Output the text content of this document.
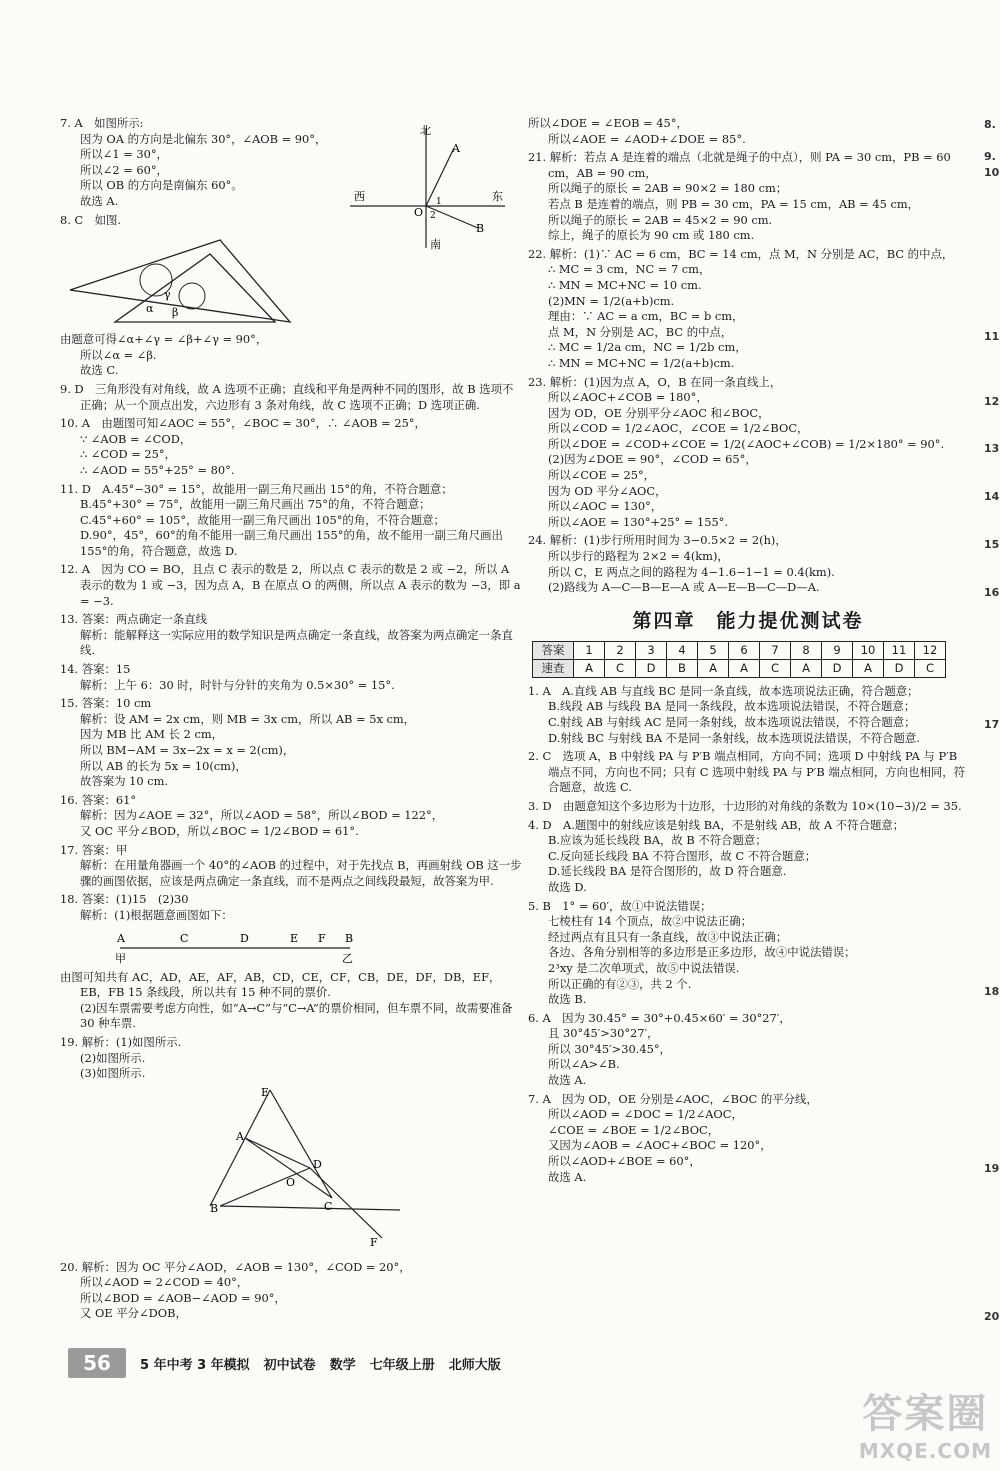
7. A　如图所示:
因为 OA 的方向是北偏东 30°，∠AOB = 90°，
所以∠1 = 30°，
所以∠2 = 60°，
所以 OB 的方向是南偏东 60°。
故选 A.
8. C　如图.
α β
γ
由题意可得∠α+∠γ = ∠β+∠γ = 90°，
所以∠α = ∠β.
故选 C.
9. D　三角形没有对角线，故 A 选项不正确；直线和平角是两种不同的图形，故 B 选项不正确；从一个顶点出发，六边形有 3 条对角线，故 C 选项不正确；D 选项正确.
10. A　由题图可知∠AOC = 55°，∠BOC = 30°，∴ ∠AOB = 25°，
∵ ∠AOB = ∠COD，
∴ ∠COD = 25°，
∴ ∠AOD = 55°+25° = 80°.
11. D　A.45°−30° = 15°，故能用一副三角尺画出 15°的角，不符合题意；
B.45°+30° = 75°，故能用一副三角尺画出 75°的角，不符合题意；
C.45°+60° = 105°，故能用一副三角尺画出 105°的角，不符合题意；
D.90°，45°，60°的角不能用一副三角尺画出 155°的角，故不能用一副三角尺画出 155°的角，符合题意，故选 D.
12. A　因为 CO = BO，且点 C 表示的数是 2，所以点 C 表示的数是 2 或 −2，所以 A 表示的数为 1 或 −3，因为点 A，B 在原点 O 的两侧，所以点 A 表示的数为 −3，即 a = −3.
13. 答案：两点确定一条直线
解析：能解释这一实际应用的数学知识是两点确定一条直线，故答案为两点确定一条直线.
14. 答案：15
解析：上午 6：30 时，时针与分针的夹角为 0.5×30° = 15°.
15. 答案：10 cm
解析：设 AM = 2x cm，则 MB = 3x cm，所以 AB = 5x cm，
因为 MB 比 AM 长 2 cm，
所以 BM−AM = 3x−2x = x = 2(cm)，
所以 AB 的长为 5x = 10(cm)，
故答案为 10 cm.
16. 答案：61°
解析：因为∠AOE = 32°，所以∠AOD = 58°，所以∠BOD = 122°，
又 OC 平分∠BOD，所以∠BOC = 1/2∠BOD = 61°.
17. 答案：甲
解析：在用量角器画一个 40°的∠AOB 的过程中，对于先找点 B，再画射线 OB 这一步骤的画图依据，应该是两点确定一条直线，而不是两点之间线段最短，故答案为甲.
18. 答案：(1)15　(2)30
解析：(1)根据题意画图如下：
A	C	D	E F B
甲	乙
由图可知共有 AC，AD，AE，AF，AB，CD，CE，CF，CB，DE，DF，DB，EF，EB，FB 15 条线段，所以共有 15 种不同的票价.
(2)因车票需要考虑方向性，如“A→C”与“C→A”的票价相同，但车票不同，故需要准备 30 种车票.
19. 解析：(1)如图所示.
(2)如图所示.
(3)如图所示.
E
A
D
O
B	C
F
20. 解析：因为 OC 平分∠AOD，∠AOB = 130°，∠COD = 20°，
所以∠AOD = 2∠COD = 40°，
所以∠BOD = ∠AOB−∠AOD = 90°，
又 OE 平分∠DOB，
北
西	东
南
O
A
B
1
2
所以∠DOE = ∠EOB = 45°，
所以∠AOE = ∠AOD+∠DOE = 85°.
21. 解析：若点 A 是连着的端点（北就是绳子的中点），则 PA = 30 cm，PB = 60 cm，AB = 90 cm，
所以绳子的原长 = 2AB = 90×2 = 180 cm；
若点 B 是连着的端点，则 PB = 30 cm，PA = 15 cm，AB = 45 cm，
所以绳子的原长 = 2AB = 45×2 = 90 cm.
综上，绳子的原长为 90 cm 或 180 cm.
22. 解析：(1)∵ AC = 6 cm，BC = 14 cm，点 M，N 分别是 AC，BC 的中点，
∴ MC = 3 cm，NC = 7 cm，
∴ MN = MC+NC = 10 cm.
(2)MN = 1/2(a+b)cm.
理由：∵ AC = a cm，BC = b cm，
点 M，N 分别是 AC，BC 的中点，
∴ MC = 1/2a cm，NC = 1/2b cm，
∴ MN = MC+NC = 1/2(a+b)cm.
23. 解析：(1)因为点 A，O，B 在同一条直线上，
所以∠AOC+∠COB = 180°，
因为 OD，OE 分别平分∠AOC 和∠BOC，
所以∠COD = 1/2∠AOC，∠COE = 1/2∠BOC，
所以∠DOE = ∠COD+∠COE = 1/2(∠AOC+∠COB) = 1/2×180° = 90°.
(2)因为∠DOE = 90°，∠COD = 65°，
所以∠COE = 25°，
因为 OD 平分∠AOC，
所以∠AOC = 130°，
所以∠AOE = 130°+25° = 155°.
24. 解析：(1)步行所用时间为 3−0.5×2 = 2(h)，
所以步行的路程为 2×2 = 4(km)，
所以 C，E 两点之间的路程为 4−1.6−1−1 = 0.4(km).
(2)路线为 A—C—B—E—A 或 A—E—B—C—D—A.
第四章　能力提优测试卷
答案	1	2	3	4	5	6	7	8	9	10	11	12
速查	A	C	D	B	A	A	C	A	D	A	D	C
1. A　A.直线 AB 与直线 BC 是同一条直线，故本选项说法正确，符合题意；
B.线段 AB 与线段 BA 是同一条线段，故本选项说法错误，不符合题意；
C.射线 AB 与射线 AC 是同一条射线，故本选项说法错误，不符合题意；
D.射线 BC 与射线 BA 不是同一条射线，故本选项说法错误，不符合题意.
2. C　选项 A，B 中射线 PA 与 P′B 端点相同，方向不同；选项 D 中射线 PA 与 P′B 端点不同，方向也不同；只有 C 选项中射线 PA 与 P′B 端点相同，方向也相同，符合题意，故选 C.
3. D　由题意知这个多边形为十边形，十边形的对角线的条数为 10×(10−3)/2 = 35.
4. D　A.题图中的射线应该是射线 BA，不是射线 AB，故 A 不符合题意；
B.应该为延长线段 BA，故 B 不符合题意；
C.反向延长线段 BA 不符合图形，故 C 不符合题意；
D.延长线段 BA 是符合图形的，故 D 符合题意.
故选 D.
5. B　1° = 60′，故①中说法错误；
七棱柱有 14 个顶点，故②中说法正确；
经过两点有且只有一条直线，故③中说法正确；
各边、各角分别相等的多边形是正多边形，故④中说法错误；
2³xy 是二次单项式，故⑤中说法错误.
所以正确的有②③，共 2 个.
故选 B.
6. A　因为 30.45° = 30°+0.45×60′ = 30°27′，
且 30°45′>30°27′，
所以 30°45′>30.45°，
所以∠A>∠B.
故选 A.
7. A　因为 OD，OE 分别是∠AOC，∠BOC 的平分线，
所以∠AOD = ∠DOC = 1/2∠AOC，
∠COE = ∠BOE = 1/2∠BOC，
又因为∠AOB = ∠AOC+∠BOC = 120°，
所以∠AOD+∠BOE = 60°，
故选 A.
8.
9.
10
11
12
13
14
15
16
17
18
19
20
56	5 年中考 3 年模拟 初中试卷 数学 七年级上册 北师大版
答案圈
MXQE.COM
